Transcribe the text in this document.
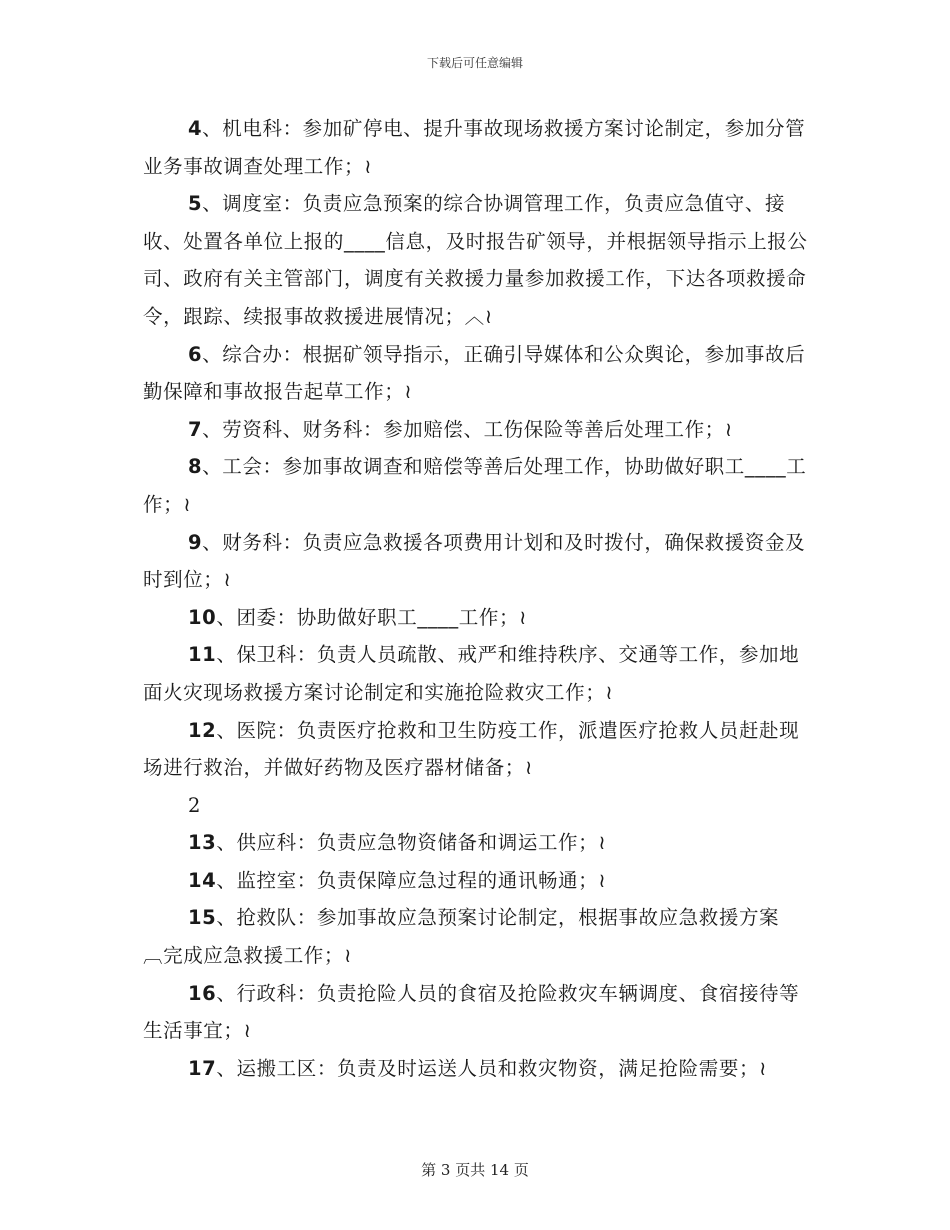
下载后可任意编辑

4、机电科：参加矿停电、提升事故现场救援方案讨论制定，参加分管业务事故调查处理工作；≀

5、调度室：负责应急预案的综合协调管理工作，负责应急值守、接收、处置各单位上报的____信息，及时报告矿领导，并根据领导指示上报公司、政府有关主管部门，调度有关救援力量参加救援工作，下达各项救援命令，跟踪、续报事故救援进展情况；︿≀

6、综合办：根据矿领导指示，正确引导媒体和公众舆论，参加事故后勤保障和事故报告起草工作；≀

7、劳资科、财务科：参加赔偿、工伤保险等善后处理工作；≀

8、工会：参加事故调查和赔偿等善后处理工作，协助做好职工____工作；≀

9、财务科：负责应急救援各项费用计划和及时拨付，确保救援资金及时到位；≀

10、团委：协助做好职工____工作；≀

11、保卫科：负责人员疏散、戒严和维持秩序、交通等工作，参加地面火灾现场救援方案讨论制定和实施抢险救灾工作；≀

12、医院：负责医疗抢救和卫生防疫工作，派遣医疗抢救人员赶赴现场进行救治，并做好药物及医疗器材储备；≀

2

13、供应科：负责应急物资储备和调运工作；≀

14、监控室：负责保障应急过程的通讯畅通；≀

15、抢救队：参加事故应急预案讨论制定，根据事故应急救援方案︹完成应急救援工作；≀

16、行政科：负责抢险人员的食宿及抢险救灾车辆调度、食宿接待等生活事宜；≀

17、运搬工区：负责及时运送人员和救灾物资，满足抢险需要；≀

第 3 页共 14 页
